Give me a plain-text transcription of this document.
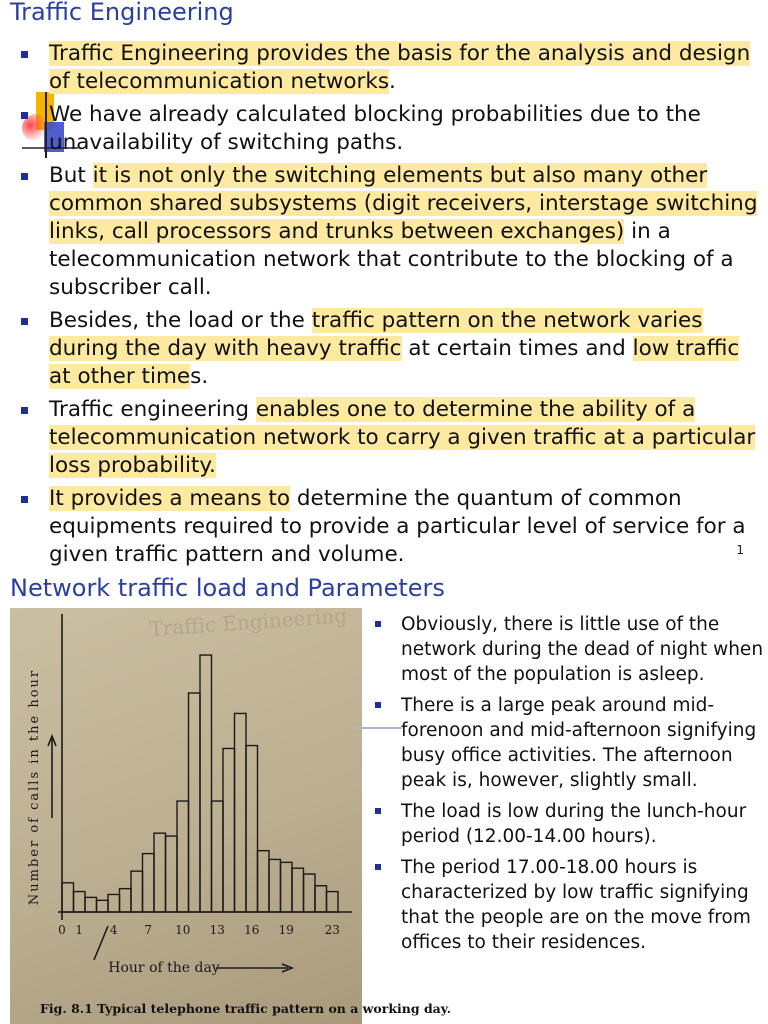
Traffic Engineering
Traffic Engineering provides the basis for the analysis and design of telecommunication networks.
We have already calculated blocking probabilities due to the unavailability of switching paths.
But it is not only the switching elements but also many other common shared subsystems (digit receivers, interstage switching links, call processors and trunks between exchanges) in a telecommunication network that contribute to the blocking of a subscriber call.
Besides, the load or the traffic pattern on the network varies during the day with heavy traffic at certain times and low traffic at other times.
Traffic engineering enables one to determine the ability of a telecommunication network to carry a given traffic at a particular loss probability.
It provides a means to determine the quantum of common equipments required to provide a particular level of service for a given traffic pattern and volume.	1
Network traffic load and Parameters
Traffic Engineering
0 1 4 7 10 13 16 19	23
Number of calls in the hour
Hour of the day
Fig. 8.1 Typical telephone traffic pattern on a working day.
Obviously, there is little use of the network during the dead of night when most of the population is asleep.
There is a large peak around mid-forenoon and mid-afternoon signifying busy office activities. The afternoon peak is, however, slightly small.
The load is low during the lunch-hour period (12.00-14.00 hours).
The period 17.00-18.00 hours is characterized by low traffic signifying that the people are on the move from offices to their residences.
